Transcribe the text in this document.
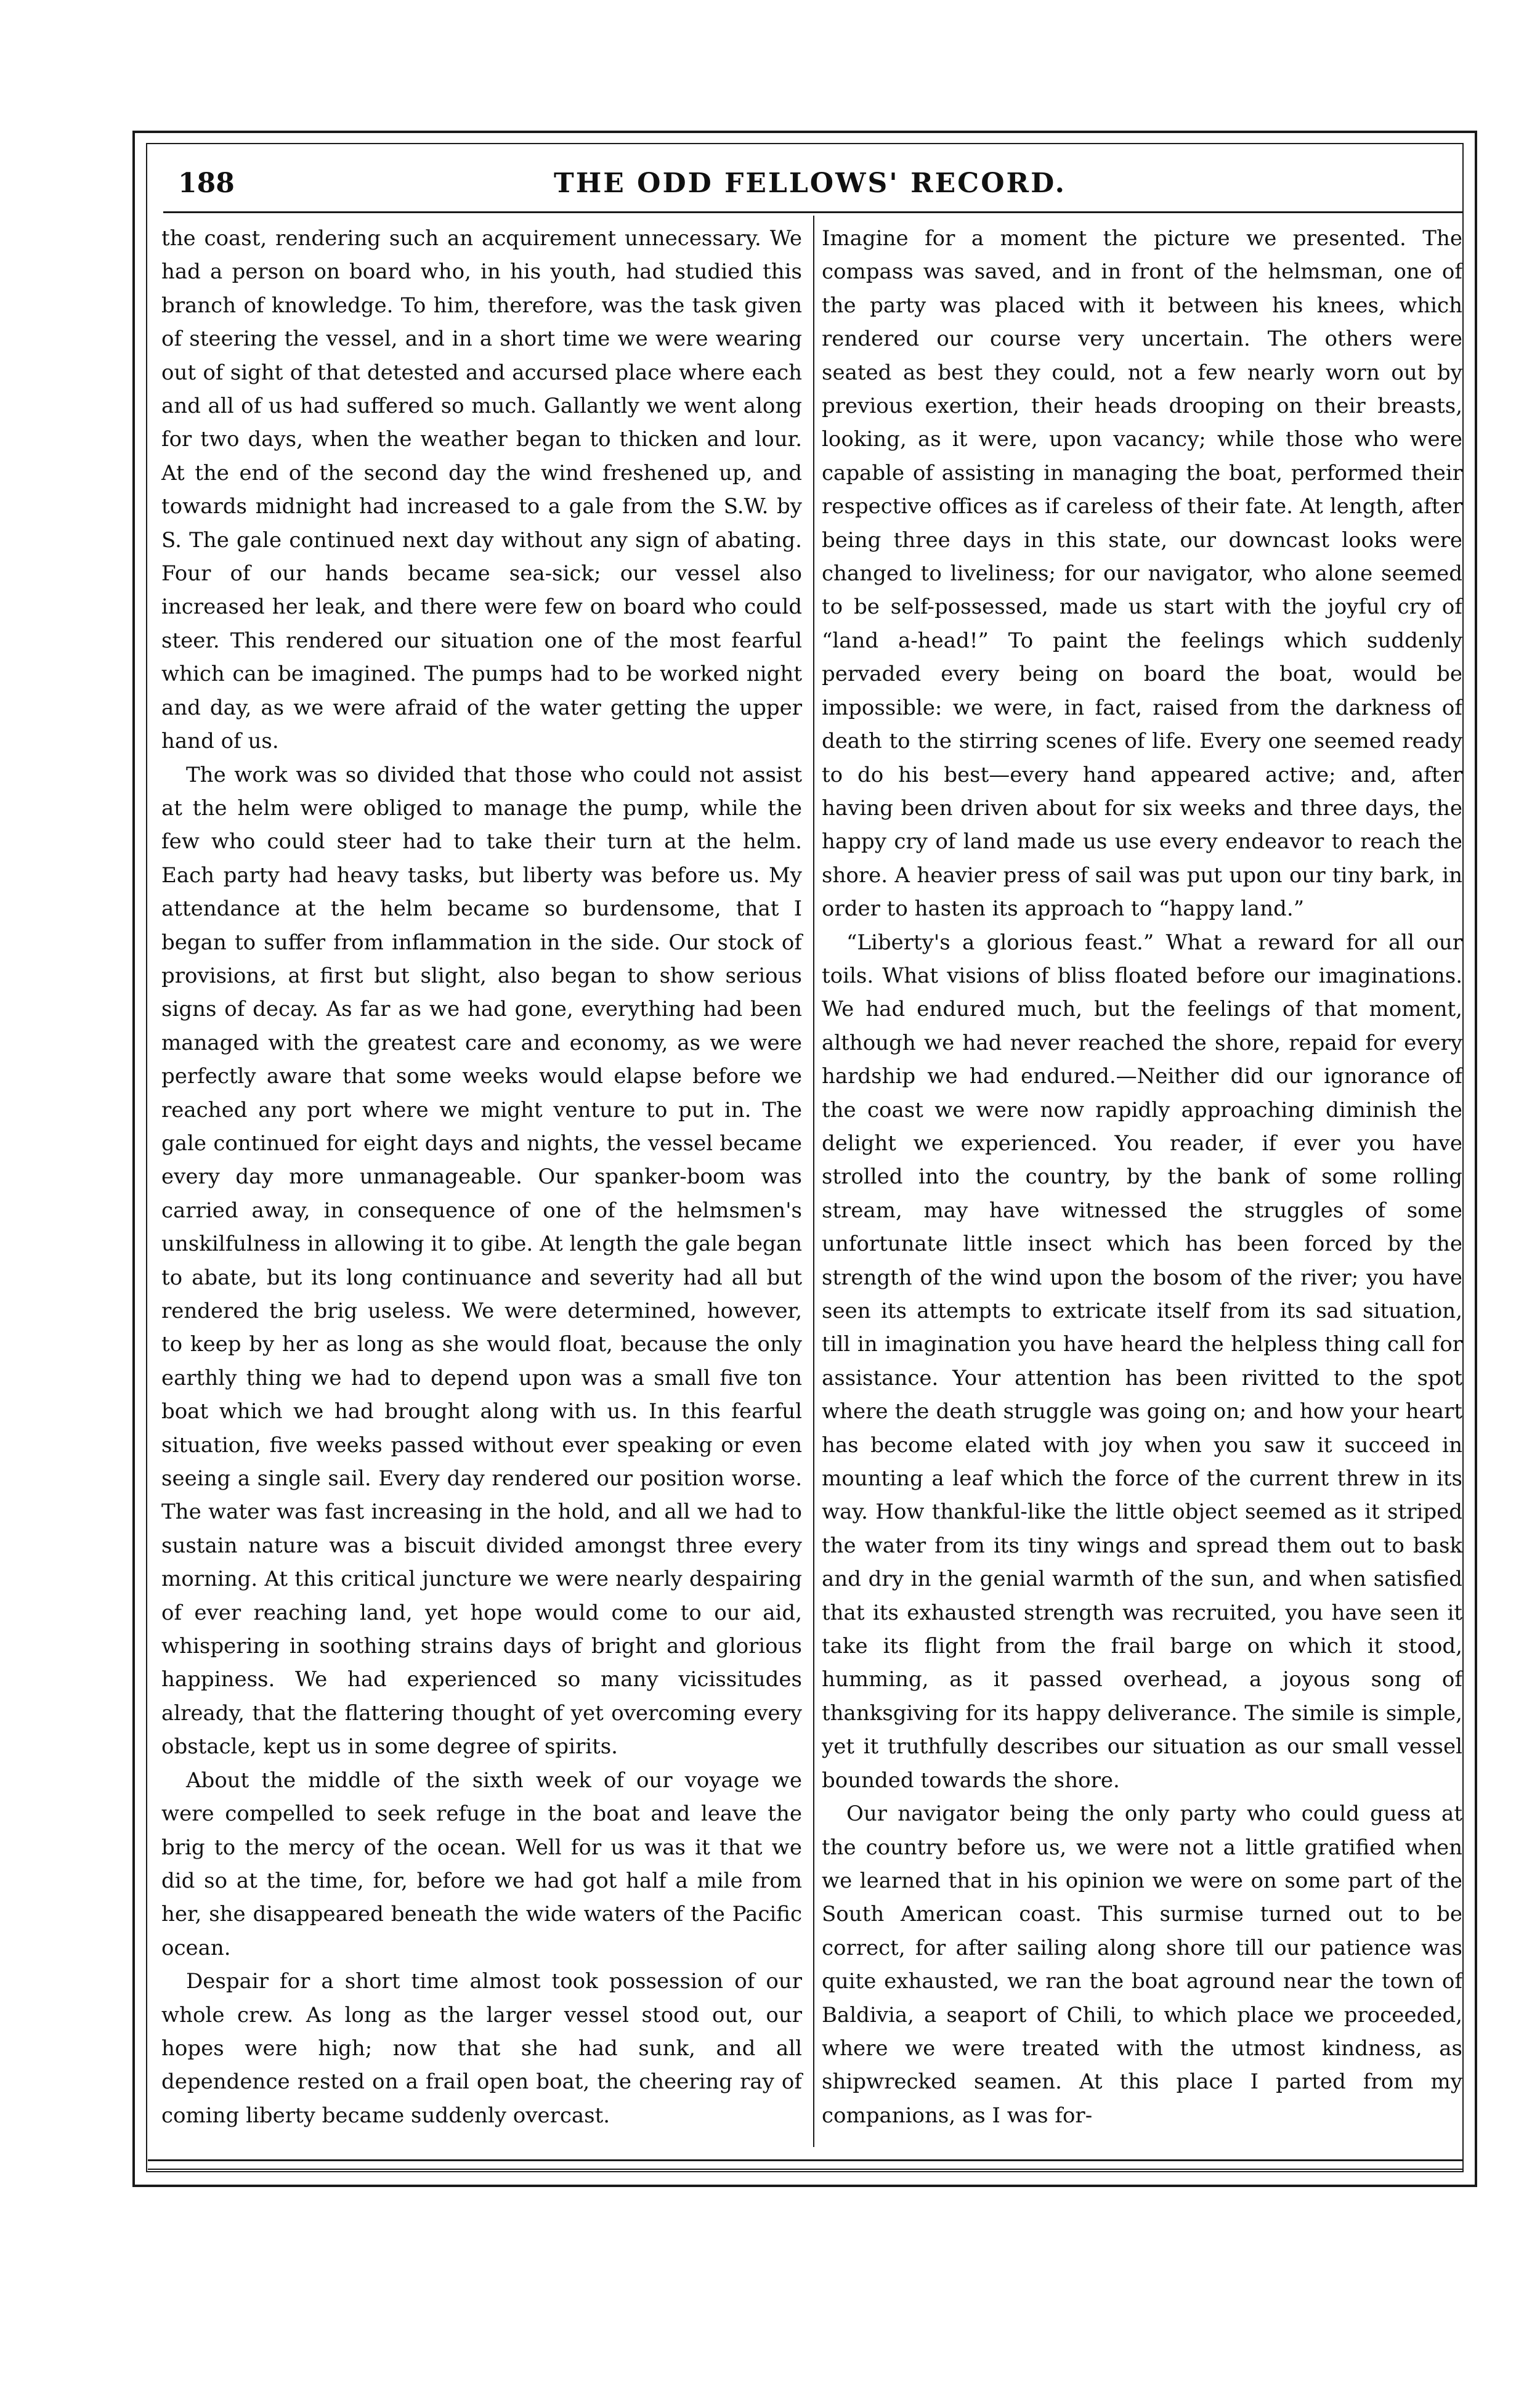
188	THE ODD FELLOWS' RECORD.

the coast, rendering such an acquirement unnecessary. We had a person on board who, in his youth, had studied this branch of knowledge. To him, therefore, was the task given of steering the vessel, and in a short time we were wearing out of sight of that detested and accursed place where each and all of us had suffered so much. Gallantly we went along for two days, when the weather began to thicken and lour. At the end of the second day the wind freshened up, and towards midnight had increased to a gale from the S.W. by S. The gale continued next day without any sign of abating. Four of our hands became sea-sick; our vessel also increased her leak, and there were few on board who could steer. This rendered our situation one of the most fearful which can be imagined. The pumps had to be worked night and day, as we were afraid of the water getting the upper hand of us.

The work was so divided that those who could not assist at the helm were obliged to manage the pump, while the few who could steer had to take their turn at the helm. Each party had heavy tasks, but liberty was before us. My attendance at the helm became so burdensome, that I began to suffer from inflammation in the side. Our stock of provisions, at first but slight, also began to show serious signs of decay. As far as we had gone, everything had been managed with the greatest care and economy, as we were perfectly aware that some weeks would elapse before we reached any port where we might venture to put in. The gale continued for eight days and nights, the vessel became every day more unmanageable. Our spanker-boom was carried away, in consequence of one of the helmsmen's unskilfulness in allowing it to gibe. At length the gale began to abate, but its long continuance and severity had all but rendered the brig useless. We were determined, however, to keep by her as long as she would float, because the only earthly thing we had to depend upon was a small five ton boat which we had brought along with us. In this fearful situation, five weeks passed without ever speaking or even seeing a single sail. Every day rendered our position worse. The water was fast increasing in the hold, and all we had to sustain nature was a biscuit divided amongst three every morning. At this critical juncture we were nearly despairing of ever reaching land, yet hope would come to our aid, whispering in soothing strains days of bright and glorious happiness. We had experienced so many vicissitudes already, that the flattering thought of yet overcoming every obstacle, kept us in some degree of spirits.

About the middle of the sixth week of our voyage we were compelled to seek refuge in the boat and leave the brig to the mercy of the ocean. Well for us was it that we did so at the time, for, before we had got half a mile from her, she disappeared beneath the wide waters of the Pacific ocean.

Despair for a short time almost took possession of our whole crew. As long as the larger vessel stood out, our hopes were high; now that she had sunk, and all dependence rested on a frail open boat, the cheering ray of coming liberty became suddenly overcast.

Imagine for a moment the picture we presented. The compass was saved, and in front of the helmsman, one of the party was placed with it between his knees, which rendered our course very uncertain. The others were seated as best they could, not a few nearly worn out by previous exertion, their heads drooping on their breasts, looking, as it were, upon vacancy; while those who were capable of assisting in managing the boat, performed their respective offices as if careless of their fate. At length, after being three days in this state, our downcast looks were changed to liveliness; for our navigator, who alone seemed to be self-possessed, made us start with the joyful cry of “land a-head!” To paint the feelings which suddenly pervaded every being on board the boat, would be impossible: we were, in fact, raised from the darkness of death to the stirring scenes of life. Every one seemed ready to do his best—every hand appeared active; and, after having been driven about for six weeks and three days, the happy cry of land made us use every endeavor to reach the shore. A heavier press of sail was put upon our tiny bark, in order to hasten its approach to “happy land.”

“Liberty's a glorious feast.” What a reward for all our toils. What visions of bliss floated before our imaginations. We had endured much, but the feelings of that moment, although we had never reached the shore, repaid for every hardship we had endured.—Neither did our ignorance of the coast we were now rapidly approaching diminish the delight we experienced. You reader, if ever you have strolled into the country, by the bank of some rolling stream, may have witnessed the struggles of some unfortunate little insect which has been forced by the strength of the wind upon the bosom of the river; you have seen its attempts to extricate itself from its sad situation, till in imagination you have heard the helpless thing call for assistance. Your attention has been rivitted to the spot where the death struggle was going on; and how your heart has become elated with joy when you saw it succeed in mounting a leaf which the force of the current threw in its way. How thankful-like the little object seemed as it striped the water from its tiny wings and spread them out to bask and dry in the genial warmth of the sun, and when satisfied that its exhausted strength was recruited, you have seen it take its flight from the frail barge on which it stood, humming, as it passed overhead, a joyous song of thanksgiving for its happy deliverance. The simile is simple, yet it truthfully describes our situation as our small vessel bounded towards the shore.

Our navigator being the only party who could guess at the country before us, we were not a little gratified when we learned that in his opinion we were on some part of the South American coast. This surmise turned out to be correct, for after sailing along shore till our patience was quite exhausted, we ran the boat aground near the town of Baldivia, a seaport of Chili, to which place we proceeded, where we were treated with the utmost kindness, as shipwrecked seamen. At this place I parted from my companions, as I was for-
